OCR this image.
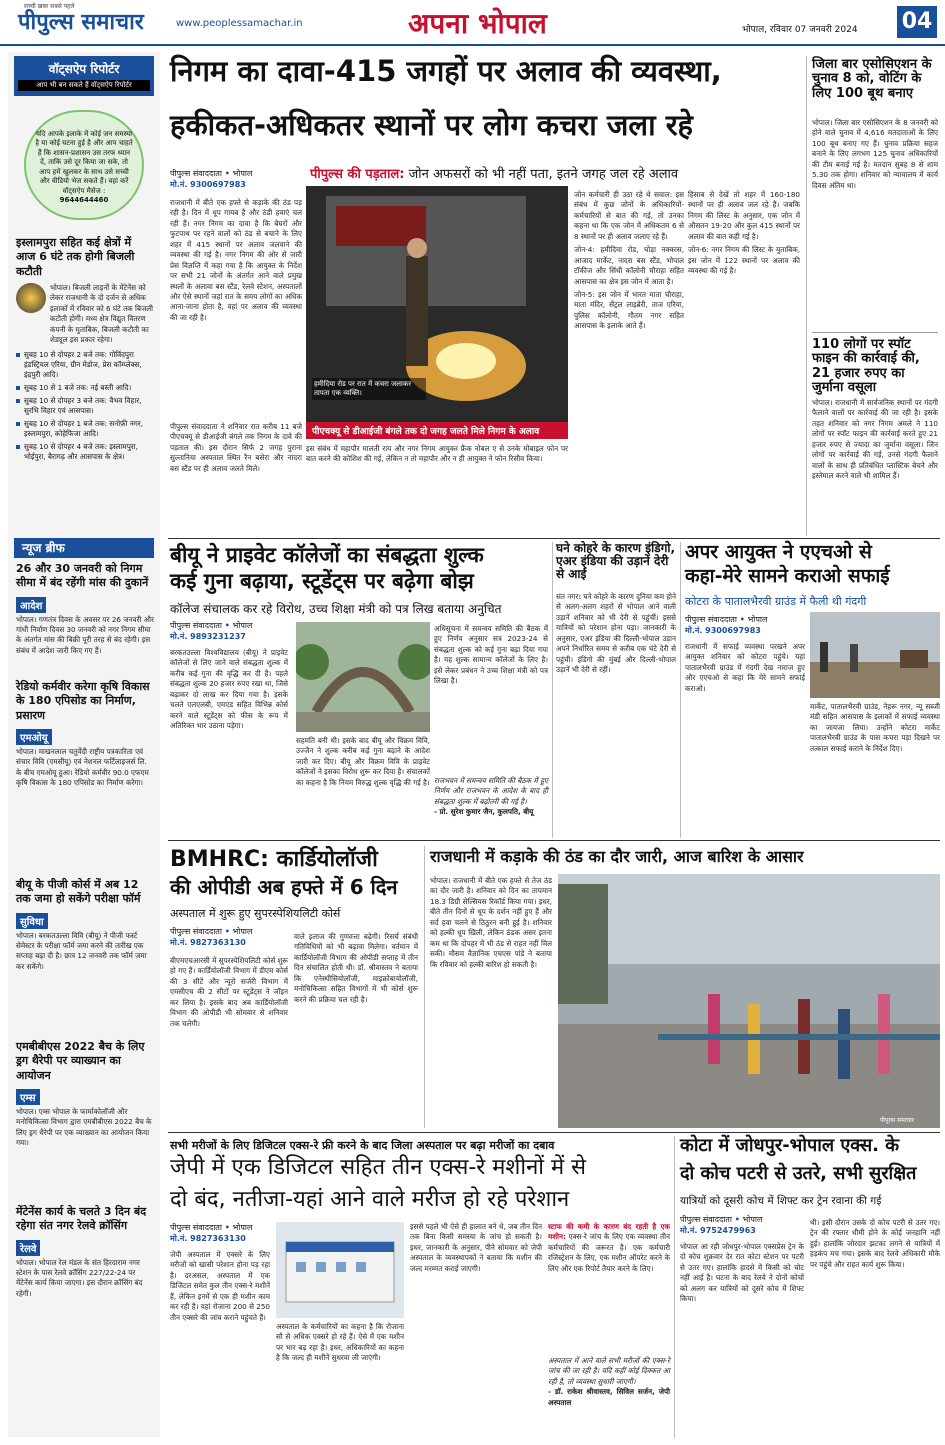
सच्ची ख़बर सबसे पहले
पीपुल्स समाचार	www.peoplessamachar.in	अपना भोपाल	भोपाल, रविवार 07 जनवरी 2024 04
वॉट्सऐप रिपोर्टर
आप भी बन सकते हैं वॉट्सऐप रिपोर्टर
यदि आपके इलाके में कोई जन समस्या है या कोई घटना हुई है और आप चाहते हैं कि शासन-प्रशासन उस तरफ ध्यान दें, ताकि उसे दूर किया जा सके, तो आप हमें खुलकर के साथ उसे सच्ची और वीडियो भेज सकते हैं। वहां करें वॉट्सऐप मैसेज :
9644644460
इस्लामपुरा सहित कई क्षेत्रों में आज 6 घंटे तक होगी बिजली कटौती
भोपाल। बिजली लाइनों के मेंटेनेंस को लेकर राजधानी के दो दर्जन से अधिक इलाकों में रविवार को 6 घंटे तक बिजली कटौती होगी। मध्य क्षेत्र विद्युत वितरण कंपनी के मुताबिक, बिजली कटौती का शेड्यूल इस प्रकार रहेगा।
सुबह 10 से दोपहर 2 बजे तक: गोविंदपुरा इंडस्ट्रियल एरिया, ग्रीन मेडोज, प्रेस कॉम्प्लेक्स, इंद्रपुरी आदि।
सुबह 10 से 1 बजे तक: नई बस्ती आदि।
सुबह 10 से दोपहर 3 बजे तक: वैभव विहार, सुरभि विहार एवं आसपास।
सुबह 10 से दोपहर 1 बजे तक: सनोफ़ी नगर, इस्लामपुरा, कोहेफिजा आदि।
सुबह 10 से दोपहर 4 बजे तक: इस्लामपुरा, भोईपुरा, बैरागढ़ और आसपास के क्षेत्र।
न्यूज ब्रीफ
26 और 30 जनवरी को निगम सीमा में बंद रहेंगी मांस की दुकानें
आदेश
भोपाल। गणतंत्र दिवस के अवसर पर 26 जनवरी और गांधी निर्वाण दिवस 30 जनवरी को नगर निगम सीमा के अंतर्गत मांस की बिक्री पूरी तरह से बंद रहेगी। इस संबंध में आदेश जारी किए गए हैं।
रेडियो कर्मवीर करेगा कृषि विकास के 180 एपिसोड का निर्माण, प्रसारण
एमओयू
भोपाल। माखनलाल चतुर्वेदी राष्ट्रीय पत्रकारिता एवं संचार विवि (एमसीयू) एवं नेशनल फर्टिलाइजर्स लि. के बीच एमओयू हुआ। रेडियो कर्मवीर 90.0 एफएम कृषि विकास के 180 एपिसोड का निर्माण करेगा।
बीयू के पीजी कोर्स में अब 12 तक जमा हो सकेंगे परीक्षा फॉर्म
सुविधा
भोपाल। बरकतउल्ला विवि (बीयू) ने पीजी फर्स्ट सेमेस्टर के परीक्षा फॉर्म जमा करने की तारीख एक सप्ताह बढ़ा दी है। छात्र 12 जनवरी तक फॉर्म जमा कर सकेंगे।
एमबीबीएस 2022 बैच के लिए ड्रग थैरेपी पर व्याख्यान का आयोजन
एम्स
भोपाल। एम्स भोपाल के फार्माकोलॉजी और मनोचिकित्सा विभाग द्वारा एमबीबीएस 2022 बैच के लिए ड्रग थैरेपी पर एक व्याख्यान का आयोजन किया गया।
मेंटेनेंस कार्य के चलते 3 दिन बंद रहेगा संत नगर रेलवे क्रॉसिंग
रेलवे
भोपाल। भोपाल रेल मंडल के संत हिरदाराम नगर स्टेशन के पास रेलवे क्रॉसिंग 227/22-24 पर मेंटेनेंस कार्य किया जाएगा। इस दौरान क्रॉसिंग बंद रहेगी।
निगम का दावा-415 जगहों पर अलाव की व्यवस्था,
हकीकत-अधिकतर स्थानों पर लोग कचरा जला रहे
पीपुल्स की पड़ताल: जोन अफसरों को भी नहीं पता, इतने जगह जल रहे अलाव
पीपुल्स संवाददाता • भोपाल
मो.नं. 9300697983
राजधानी में बीते एक हफ्ते से कड़ाके की ठंड पड़ रही है। दिन में धूप गायब है और ठंडी हवाएं चल रही हैं। नगर निगम का दावा है कि बेघरों और फुटपाथ पर रहने वालों को ठंड से बचाने के लिए शहर में 415 स्थानों पर अलाव जलवाने की व्यवस्था की गई है। नगर निगम की ओर से जारी प्रेस विज्ञप्ति में कहा गया है कि आयुक्त के निर्देश पर सभी 21 जोनों के अंतर्गत आने वाले प्रमुख स्थलों के अलावा बस स्टैंड, रेलवे स्टेशन, अस्पतालों और ऐसे स्थानों जहां रात के समय लोगों का अधिक आना-जाना होता है, वहां पर अलाव की व्यवस्था की जा रही है।
हमीदिया रोड पर रात में कचरा जलाकर तापता एक व्यक्ति।
पीएचक्यू से डीआईजी बंगले तक दो जगह जलते मिले निगम के अलाव
पीपुल्स संवाददाता ने शनिवार रात करीब 11 बजे पीएचक्यू से डीआईजी बंगले तक निगम के दावे की पड़ताल की। इस दौरान सिर्फ 2 जगह पुराना सुल्तानिया अस्पताल स्थित रैन बसेरा और नादरा बस स्टैंड पर ही अलाव जलते मिले।
इस संबंध में महापौर मालती राय और नगर निगम आयुक्त फ्रैंक नोबल ए से उनके मोबाइल फोन पर बात करने की कोशिश की गई, लेकिन न तो महापौर और न ही आयुक्त ने फोन रिसीव किया।
जोन कर्मचारी ही उठा रहे थे सवाल: इस संबंध में कुछ जोनों के अधिकारियों-कर्मचारियों से बात की गई, तो उनका कहना था कि एक जोन में अधिकतम 6 से 8 स्थानों पर ही अलाव जलाए रहे हैं।
जोन-4: हमीदिया रोड, घोड़ा नक्कास, आजाद मार्केट, नादरा बस स्टैंड, भोपाल टॉकीज और सिंधी कॉलोनी चौराहा सहित आसपास का क्षेत्र इस जोन में आता है।
जोन-5: इस जोन में भारत माता चौराहा, माता मंदिर, सेंट्रल लाइब्रेरी, ताज एरिया, पुलिस कॉलोनी, गौतम नगर सहित आसपास के इलाके आते हैं।
हिसाब से देखें तो शहर में 160-180 स्थानों पर ही अलाव जल रहे हैं। जबकि निगम की लिस्ट के अनुसार, एक जोन में औसतन 19-20 और कुल 415 स्थानों पर अलाव की बात कही गई है।
जोन-6: नगर निगम की लिस्ट के मुताबिक, इस जोन में 122 स्थानों पर अलाव की व्यवस्था की गई है।
जिला बार एसोसिएशन के चुनाव 8 को, वोटिंग के लिए 100 बूथ बनाए
भोपाल। जिला बार एसोसिएशन के 8 जनवरी को होने वाले चुनाव में 4,616 मतदाताओं के लिए 100 बूथ बनाए गए हैं। चुनाव प्रक्रिया सहज बनाने के लिए लगभग 125 चुनाव अधिकारियों की टीम बनाई गई है। मतदान सुबह 8 से शाम 5.30 तक होगा। शनिवार को न्यायालय में कार्य दिवस अंतिम था।
110 लोगों पर स्पॉट फाइन की कार्रवाई की, 21 हजार रुपए का जुर्माना वसूला
भोपाल। राजधानी में सार्वजनिक स्थानों पर गंदगी फैलाने वालों पर कार्रवाई की जा रही है। इसके तहत शनिवार को नगर निगम अमले ने 110 लोगों पर स्पॉट फाइन की कार्रवाई करते हुए 21 हजार रुपए से ज्यादा का जुर्माना वसूला। जिन लोगों पर कार्रवाई की गई, उनसे गंदगी फैलाने वालों के साथ ही प्रतिबंधित प्लास्टिक बेचने और इस्तेमाल करने वाले भी शामिल हैं।
बीयू ने प्राइवेट कॉलेजों का संबद्धता शुल्क
कई गुना बढ़ाया, स्टूडेंट्स पर बढ़ेगा बोझ
कॉलेज संचालक कर रहे विरोध, उच्च शिक्षा मंत्री को पत्र लिख बताया अनुचित
पीपुल्स संवाददाता • भोपाल
मो.नं. 9893231237
बरकतउल्ला विश्वविद्यालय (बीयू) ने प्राइवेट कॉलेजों से लिए जाने वाले संबद्धता शुल्क में करीब कई गुना की वृद्धि कर दी है। पहले संबद्धता शुल्क 20 हजार रुपए रखा था, जिसे बढ़ाकर दो लाख कर दिया गया है। इसके चलते एलएलबी, एमएड सहित विभिन्न कोर्स करने वाले स्टूडेंट्स को फीस के रूप में अतिरिक्त भार उठाना पड़ेगा।
सहमति बनी थी। इसके बाद बीयू और विक्रम विवि, उज्जैन ने शुल्क करीब कई गुना बढ़ाने के आदेश जारी कर दिए। बीयू और विक्रम विवि के प्राइवेट कॉलेजों ने इसका विरोध शुरू कर दिया है। संचालकों का कहना है कि नियम विरुद्ध शुल्क वृद्धि की गई है।
अधिसूचना में समन्वय समिति की बैठक में हुए निर्णय अनुसार सत्र 2023-24 से संबद्धता शुल्क को कई गुना बढ़ा दिया गया है। यह शुल्क सामान्य कॉलेजों के लिए है। इसे लेकर प्रबंधन ने उच्च शिक्षा मंत्री को पत्र लिखा है।
राजभवन में समन्वय समिति की बैठक में हुए निर्णय और राजभवन के आदेश के बाद ही संबद्धता शुल्क में बढ़ोतरी की गई है।
- प्रो. सुरेश कुमार जैन, कुलपति, बीयू
घने कोहरे के कारण इंडिगो, एअर इंडिया की उड़ानें देरी से आईं
संत नगर। घने कोहरे के कारण दुनिया कम होने से अलग-अलग शहरों से भोपाल आने वाली उड़ानें शनिवार को भी देरी से पहुंचीं। इससे यात्रियों को परेशान होना पड़ा। जानकारी के अनुसार, एअर इंडिया की दिल्ली-भोपाल उड़ान अपने निर्धारित समय से करीब एक घंटे देरी से पहुंची। इंडिगो की मुंबई और दिल्ली-भोपाल उड़ानें भी देरी से रहीं।
अपर आयुक्त ने एएचओ से
कहा-मेरे सामने कराओ सफाई
कोटरा के पातालभैरवी ग्राउंड में फैली थी गंदगी
पीपुल्स संवाददाता • भोपाल
मो.नं. 9300697983
राजधानी में सफाई व्यवस्था परखने अपर आयुक्त शनिवार को कोटरा पहुंचे। यहां पातालभैरवी ग्राउंड में गंदगी देख नाराज हुए और एएचओ से कहा कि मेरे सामने सफाई कराओ।
मार्केट, पातालभैरवी ग्राउंड, नेहरू नगर, न्यू सब्जी मंडी सहित आसपास के इलाकों में सफाई व्यवस्था का जायजा लिया। उन्होंने कोटरा मार्केट पातालभैरवी ग्राउंड के पास कचरा पड़ा दिखने पर तत्काल सफाई कराने के निर्देश दिए।
BMHRC: कार्डियोलॉजी
की ओपीडी अब हफ्ते में 6 दिन
अस्पताल में शुरू हुए सुपरस्पेशियलिटी कोर्स
पीपुल्स संवाददाता • भोपाल
मो.नं. 9827363130
बीएमएचआरसी में सुपरस्पेशियलिटी कोर्स शुरू हो गए हैं। कार्डियोलॉजी विभाग में डीएम कोर्स की 3 सीटें और न्यूरो सर्जरी विभाग में एमसीएच की 2 सीटों पर स्टूडेंट्स ने जॉइन कर लिया है। इसके बाद अब कार्डियोलॉजी विभाग की ओपीडी भी सोमवार से शनिवार तक चलेगी।
वाले इलाज की गुणवत्ता बढ़ेगी। रिसर्च संबंधी गतिविधियों को भी बढ़ावा मिलेगा। वर्तमान में कार्डियोलॉजी विभाग की ओपीडी सप्ताह में तीन दिन संचालित होती थी। डॉ. श्रीवास्तव ने बताया कि एनेस्थीसियोलॉजी, माइक्रोबायोलॉजी, मनोचिकित्सा सहित विभागों में भी कोर्स शुरू करने की प्रक्रिया चल रही है।
राजधानी में कड़ाके की ठंड का दौर जारी, आज बारिश के आसार
भोपाल। राजधानी में बीते एक हफ्ते से तेज ठंड का दौर जारी है। शनिवार को दिन का तापमान 18.3 डिग्री सेल्सियस रिकॉर्ड किया गया। इधर, बीते तीन दिनों से धूप के दर्शन नहीं हुए हैं और सर्द हवा चलने से ठिठुरन बनी हुई है। शनिवार को हल्की धूप खिली, लेकिन ठंडक असर इतना कम था कि दोपहर में भी ठंड से राहत नहीं मिल सकी। मौसम वैज्ञानिक एचएस पांडे ने बताया कि रविवार को हल्की बारिश हो सकती है।
पीपुल्स समाचार
सभी मरीजों के लिए डिजिटल एक्स-रे फ्री करने के बाद जिला अस्पताल पर बढ़ा मरीजों का दबाव
जेपी में एक डिजिटल सहित तीन एक्स-रे मशीनों में से
दो बंद, नतीजा-यहां आने वाले मरीज हो रहे परेशान
पीपुल्स संवाददाता • भोपाल
मो.नं. 9827363130
जेपी अस्पताल में एक्सरे के लिए मरीजों को खासी परेशान होना पड़ रहा है। दरअसल, अस्पताल में एक डिजिटल समेत कुल तीन एक्स-रे मशीनें हैं, लेकिन इनमें से एक ही मशीन काम कर रही है। यहां रोजाना 200 से 250 तीन एक्सरे की जांच कराने पहुंचते हैं।
अस्पताल के कर्मचारियों का कहना है कि रोजाना सौ से अधिक एक्सरे हो रहे हैं। ऐसे में एक मशीन पर भार बढ़ रहा है। इधर, अधिकारियों का कहना है कि जल्द ही मशीनें सुधरवा ली जाएंगी।
इससे पहले भी ऐसे ही हालात बने थे, जब तीन दिन तक बिना किसी समस्या के जांच हो सकती है। इधर, जानकारी के अनुसार, पीने सोमवार को जेपी अस्पताल के व्यवस्थापकों ने बताया कि मशीन की जल्द मरम्मत कराई जाएगी।
स्टाफ की कमी के कारण बंद रहती है एक मशीन: एक्स-रे जांच के लिए एक व्यवस्था तीन कर्मचारियों की जरूरत है। एक कर्मचारी रजिस्ट्रेशन के लिए, एक मशीन ऑपरेट करने के लिए और एक रिपोर्ट तैयार करने के लिए।
अस्पताल में आने वाले सभी मरीजों की एक्स-रे जांच की जा रही है। यदि कहीं कोई दिक्कत आ रही है, तो व्यवस्था सुधारी जाएगी।
- डॉ. राकेश श्रीवास्तव, सिविल सर्जन, जेपी अस्पताल
कोटा में जोधपुर-भोपाल एक्स. के
दो कोच पटरी से उतरे, सभी सुरक्षित
यात्रियों को दूसरी कोच में शिफ्ट कर ट्रेन रवाना की गई
पीपुल्स संवाददाता • भोपाल
मो.नं. 9752479963
भोपाल आ रही जोधपुर-भोपाल एक्सप्रेस ट्रेन के दो कोच शुक्रवार देर रात कोटा स्टेशन पर पटरी से उतर गए। हालांकि हादसे में किसी को चोट नहीं आई है। घटना के बाद रेलवे ने दोनों कोचों को अलग कर यात्रियों को दूसरे कोच में शिफ्ट किया।
थी। इसी दौरान उसके दो कोच पटरी से उतर गए। ट्रेन की रफ्तार धीमी होने के कोई जनहानि नहीं हुई। हालांकि जोरदार झटका लगने से यात्रियों में हड़कंप मच गया। इसके बाद रेलवे अधिकारी मौके पर पहुंचे और राहत कार्य शुरू किया।
